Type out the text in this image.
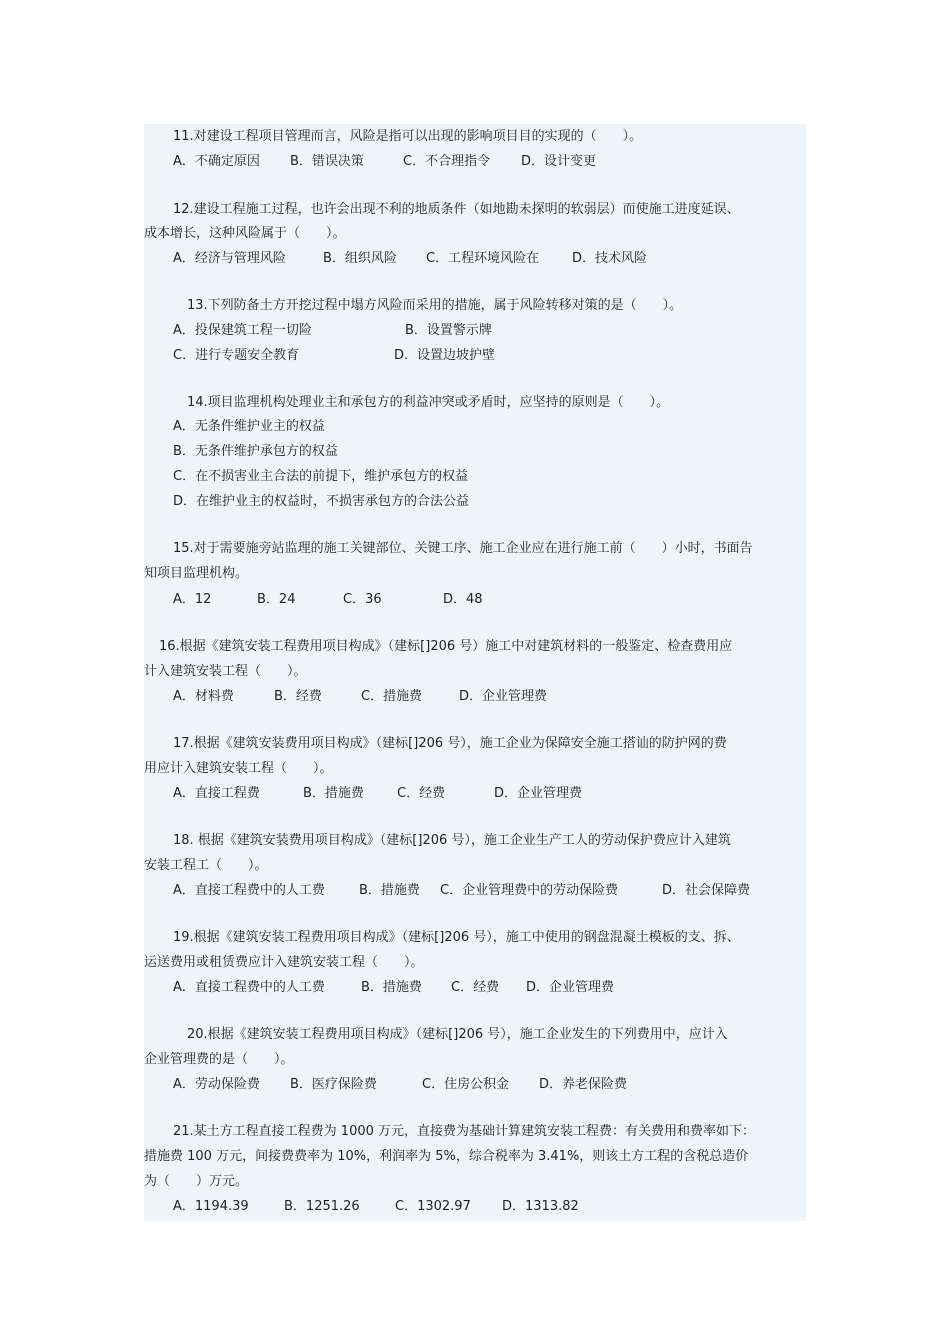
11.对建设工程项目管理而言，风险是指可以出现的影响项目目的实现的（　　）。
A．不确定原因 B．错误决策	C．不合理指令 D．设计变更
12.建设工程施工过程，也许会出现不利的地质条件（如地勘未探明的软弱层）而使施工进度延误、
成本增长，这种风险属于（　　）。
A．经济与管理风险	B．组织风险 C．工程环境风险在	D．技术风险
13.下列防备土方开挖过程中塌方风险而采用的措施，属于风险转移对策的是（　　）。
A．投保建筑工程一切险	B．设置警示牌
C．进行专题安全教育	D．设置边坡护壁
14.项目监理机构处理业主和承包方的利益冲突或矛盾时，应坚持的原则是（　　）。
A．无条件维护业主的权益
B．无条件维护承包方的权益
C．在不损害业主合法的前提下，维护承包方的权益
D．在维护业主的权益时，不损害承包方的合法公益
15.对于需要施旁站监理的施工关键部位、关键工序、施工企业应在进行施工前（　　）小时，书面告
知项目监理机构。
A．12	B．24	C．36	D．48
16.根据《建筑安装工程费用项目构成》（建标[]206 号）施工中对建筑材料的一般鉴定、检查费用应
计入建筑安装工程（　　）。
A．材料费	B．经费	C．措施费	D．企业管理费
17.根据《建筑安装费用项目构成》（建标[]206 号），施工企业为保障安全施工搭讪的防护网的费
用应计入建筑安装工程（　　）。
A．直接工程费	B．措施费	C．经费	D．企业管理费
18. 根据《建筑安装费用项目构成》（建标[]206 号），施工企业生产工人的劳动保护费应计入建筑
安装工程工（　　）。
A．直接工程费中的人工费	B．措施费 C．企业管理费中的劳动保险费	D．社会保障费
19.根据《建筑安装工程费用项目构成》（建标[]206 号），施工中使用的钢盘混凝土模板的支、拆、
运送费用或租赁费应计入建筑安装工程（　　）。
A．直接工程费中的人工费	B．措施费 C．经费 D．企业管理费
20.根据《建筑安装工程费用项目构成》（建标[]206 号），施工企业发生的下列费用中，应计入
企业管理费的是（　　）。
A．劳动保险费 B．医疗保险费	C．住房公积金 D．养老保险费
21.某土方工程直接工程费为 1000 万元，直接费为基础计算建筑安装工程费：有关费用和费率如下：
措施费 100 万元，间接费费率为 10%，利润率为 5%，综合税率为 3.41%，则该土方工程的含税总造价
为（　　）万元。
A．1194.39	B．1251.26	C．1302.97 D．1313.82
